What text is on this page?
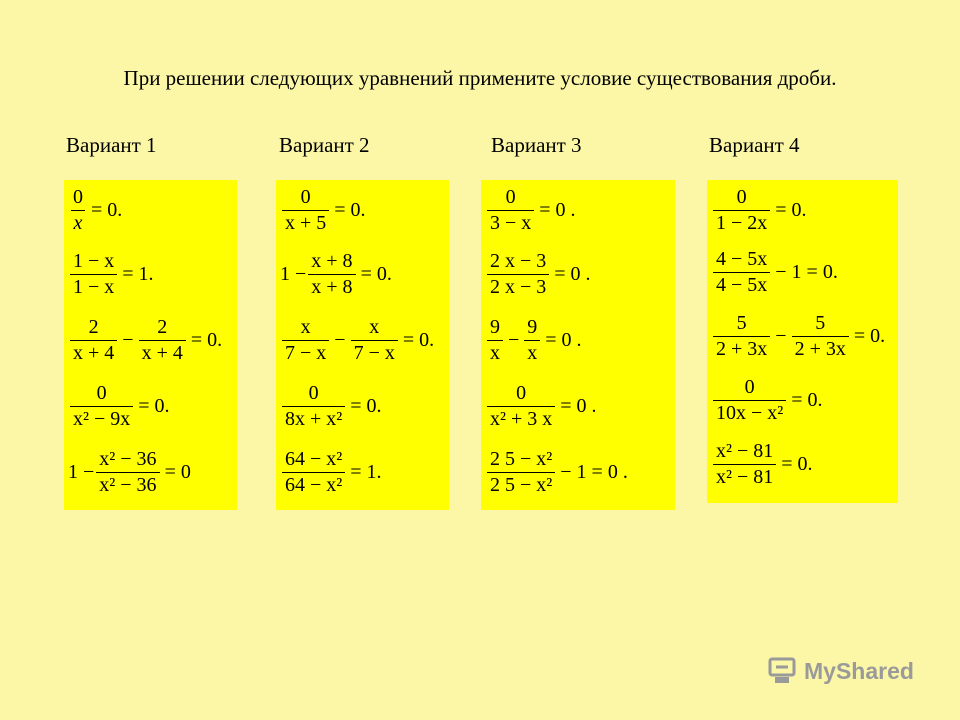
При решении следующих уравнений примените условие существования дроби.
Вариант 1
$\frac{0}{x} = 0$.
$\frac{1 - x}{1 - x} = 1$.
$\frac{2}{x + 4} - \frac{2}{x + 4} = 0$.
$\frac{0}{\text{x² − 9x}} = 0$.
$1 - \frac{\text{x² − 36}}{\text{x² − 36}} = 0$
Вариант 2
$\frac{0}{x + 5} = 0$.
$1 - \frac{x + 8}{x + 8} = 0$.
$\frac{x}{7 - x} - \frac{x}{7 - x} = 0$.
$\frac{0}{\text{8x + x²}} = 0$.
$\frac{\text{64 − x²}}{\text{64 − x²}} = 1$.
Вариант 3
$\frac{0}{3 - x} = 0$ .
$\frac{2 x - 3}{2 x - 3} = 0$ .
$\frac{9}{x} - \frac{9}{x} = 0$ .
$\frac{0}{\text{x² + 3 x}} = 0$ .
$\frac{\text{2 5 − x²}}{\text{2 5 − x²}} - 1 = 0$ .
Вариант 4
$\frac{0}{1 - 2x} = 0$.
$\frac{4 - 5x}{4 - 5x} - 1 = 0$.
$\frac{5}{2 + 3x} - \frac{5}{2 + 3x} = 0$.
$\frac{0}{\text{10x − x²}} = 0$.
$\frac{\text{x² − 81}}{\text{x² − 81}} = 0$.
MyShared
